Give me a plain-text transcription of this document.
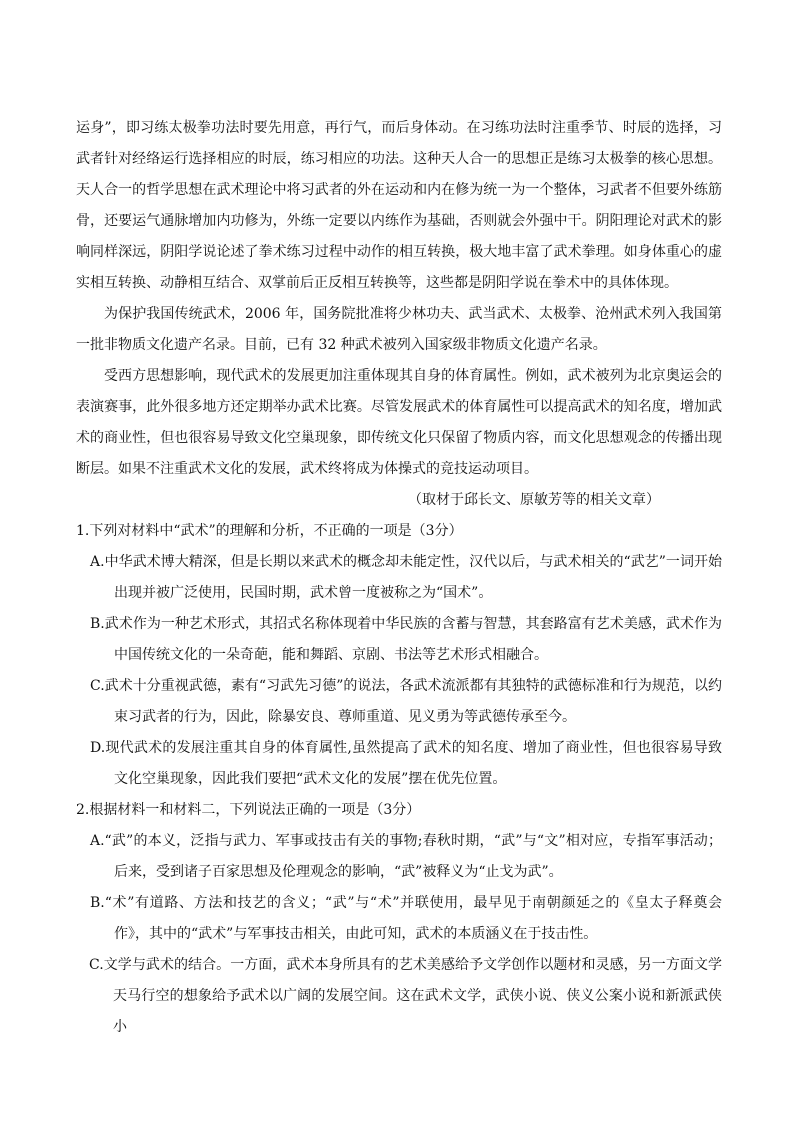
运身”，即习练太极拳功法时要先用意，再行气，而后身体动。在习练功法时注重季节、时辰的选择，习武者针对经络运行选择相应的时辰，练习相应的功法。这种天人合一的思想正是练习太极拳的核心思想。天人合一的哲学思想在武术理论中将习武者的外在运动和内在修为统一为一个整体，习武者不但要外练筋骨，还要运气通脉增加内功修为，外练一定要以内练作为基础，否则就会外强中干。阴阳理论对武术的影响同样深远，阴阳学说论述了拳术练习过程中动作的相互转换，极大地丰富了武术拳理。如身体重心的虚实相互转换、动静相互结合、双掌前后正反相互转换等，这些都是阴阳学说在拳术中的具体体现。

为保护我国传统武术，2006 年，国务院批准将少林功夫、武当武术、太极拳、沧州武术列入我国第一批非物质文化遗产名录。目前，已有 32 种武术被列入国家级非物质文化遗产名录。

受西方思想影响，现代武术的发展更加注重体现其自身的体育属性。例如，武术被列为北京奥运会的表演赛事，此外很多地方还定期举办武术比赛。尽管发展武术的体育属性可以提高武术的知名度，增加武术的商业性，但也很容易导致文化空巢现象，即传统文化只保留了物质内容，而文化思想观念的传播出现断层。如果不注重武术文化的发展，武术终将成为体操式的竞技运动项目。

（取材于邱长文、原敏芳等的相关文章）

1.下列对材料中“武术”的理解和分析，不正确的一项是（3分）

A.中华武术博大精深，但是长期以来武术的概念却未能定性，汉代以后，与武术相关的“武艺”一词开始出现并被广泛使用，民国时期，武术曾一度被称之为“国术”。

B.武术作为一种艺术形式，其招式名称体现着中华民族的含蓄与智慧，其套路富有艺术美感，武术作为中国传统文化的一朵奇葩，能和舞蹈、京剧、书法等艺术形式相融合。

C.武术十分重视武德，素有“习武先习德”的说法，各武术流派都有其独特的武德标准和行为规范，以约束习武者的行为，因此，除暴安良、尊师重道、见义勇为等武德传承至今。

D.现代武术的发展注重其自身的体育属性,虽然提高了武术的知名度、增加了商业性，但也很容易导致文化空巢现象，因此我们要把“武术文化的发展”摆在优先位置。

2.根据材料一和材料二，下列说法正确的一项是（3分）

A.“武”的本义，泛指与武力、军事或技击有关的事物;春秋时期，“武”与“文”相对应，专指军事活动；后来，受到诸子百家思想及伦理观念的影响，“武”被释义为“止戈为武”。

B.“术”有道路、方法和技艺的含义；“武”与“术”并联使用，最早见于南朝颜延之的《皇太子释奠会作》，其中的“武术”与军事技击相关，由此可知，武术的本质涵义在于技击性。

C.文学与武术的结合。一方面，武术本身所具有的艺术美感给予文学创作以题材和灵感，另一方面文学天马行空的想象给予武术以广阔的发展空间。这在武术文学，武侠小说、侠义公案小说和新派武侠小
